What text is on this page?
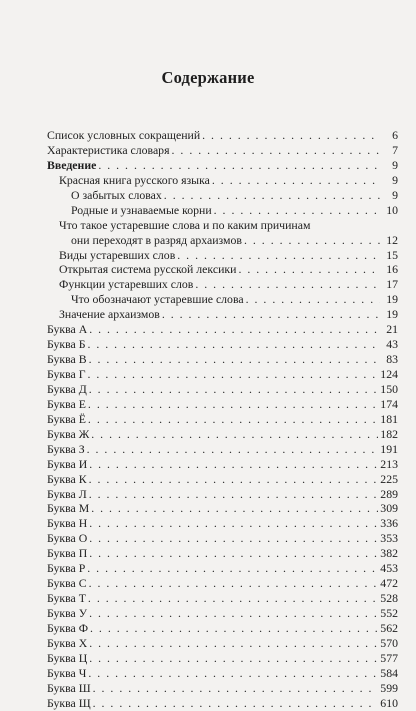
Содержание
Список условных сокращений . . .	6
Характеристика словаря . . .	7
Введение . . .	9
Красная книга русского языка . . .	9
О забытых словах . . .	9
Родные и узнаваемые корни . . .	10
Что такое устаревшие слова и по каким причинам
они переходят в разряд архаизмов . . .	12
Виды устаревших слов . . .	15
Открытая система русской лексики . . .	16
Функции устаревших слов . . .	17
Что обозначают устаревшие слова . . .	19
Значение архаизмов . . .	19
Буква А . . .	21
Буква Б . . .	43
Буква В . . .	83
Буква Г . . .	124
Буква Д . . .	150
Буква Е . . .	174
Буква Ё . . .	181
Буква Ж . . .	182
Буква З . . .	191
Буква И . . .	213
Буква К . . .	225
Буква Л . . .	289
Буква М . . .	309
Буква Н . . .	336
Буква О . . .	353
Буква П . . .	382
Буква Р . . .	453
Буква С . . .	472
Буква Т . . .	528
Буква У . . .	552
Буква Ф . . .	562
Буква Х . . .	570
Буква Ц . . .	577
Буква Ч . . .	584
Буква Ш . . .	599
Буква Щ . . .	610
